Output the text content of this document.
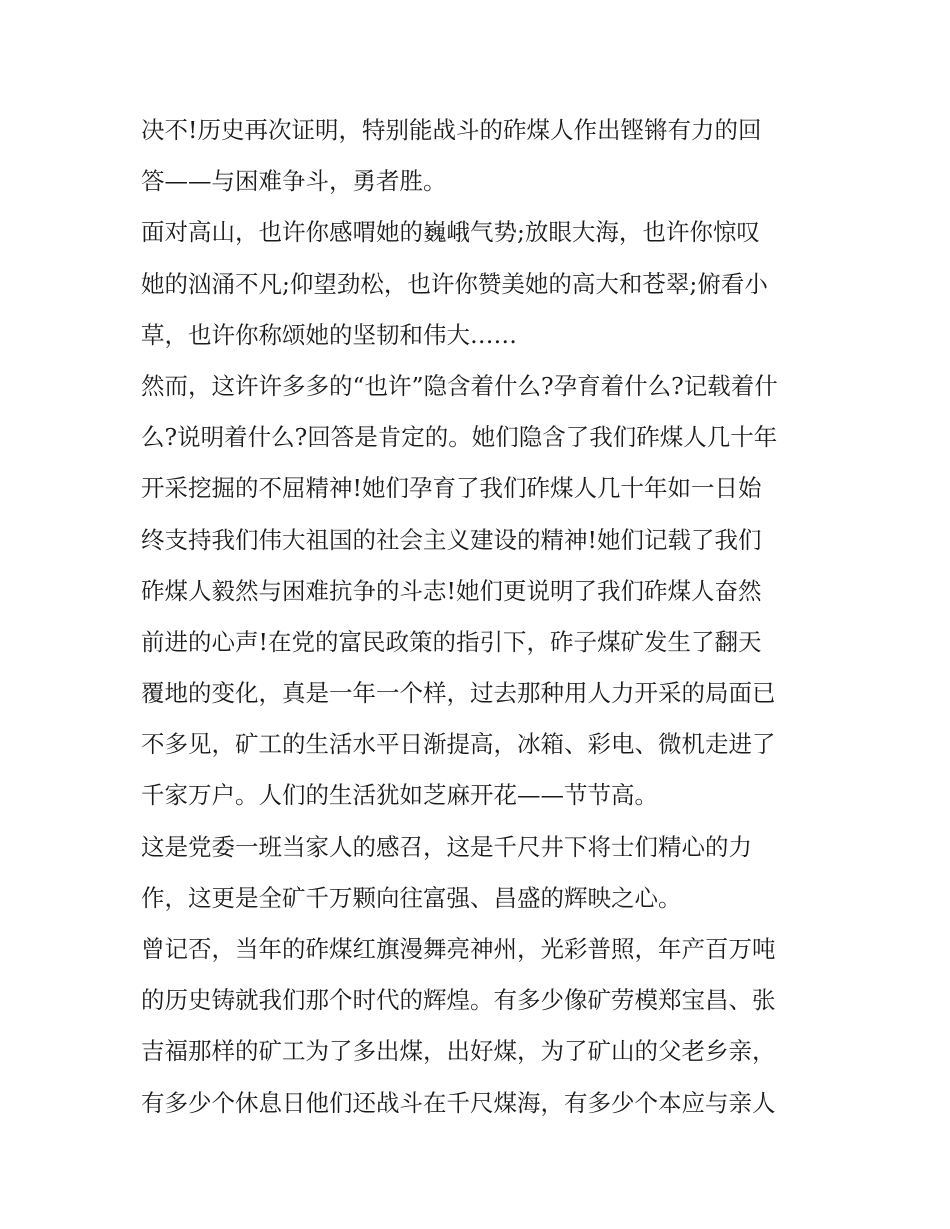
决不!历史再次证明，特别能战斗的砟煤人作出铿锵有力的回
答——与困难争斗，勇者胜。
面对高山，也许你感喟她的巍峨气势;放眼大海，也许你惊叹
她的汹涌不凡;仰望劲松，也许你赞美她的高大和苍翠;俯看小
草，也许你称颂她的坚韧和伟大……
然而，这许许多多的“也许”隐含着什么?孕育着什么?记载着什
么?说明着什么?回答是肯定的。她们隐含了我们砟煤人几十年
开采挖掘的不屈精神!她们孕育了我们砟煤人几十年如一日始
终支持我们伟大祖国的社会主义建设的精神!她们记载了我们
砟煤人毅然与困难抗争的斗志!她们更说明了我们砟煤人奋然
前进的心声!在党的富民政策的指引下，砟子煤矿发生了翻天
覆地的变化，真是一年一个样，过去那种用人力开采的局面已
不多见，矿工的生活水平日渐提高，冰箱、彩电、微机走进了
千家万户。人们的生活犹如芝麻开花——节节高。
这是党委一班当家人的感召，这是千尺井下将士们精心的力
作，这更是全矿千万颗向往富强、昌盛的辉映之心。
曾记否，当年的砟煤红旗漫舞亮神州，光彩普照，年产百万吨
的历史铸就我们那个时代的辉煌。有多少像矿劳模郑宝昌、张
吉福那样的矿工为了多出煤，出好煤，为了矿山的父老乡亲，
有多少个休息日他们还战斗在千尺煤海，有多少个本应与亲人
